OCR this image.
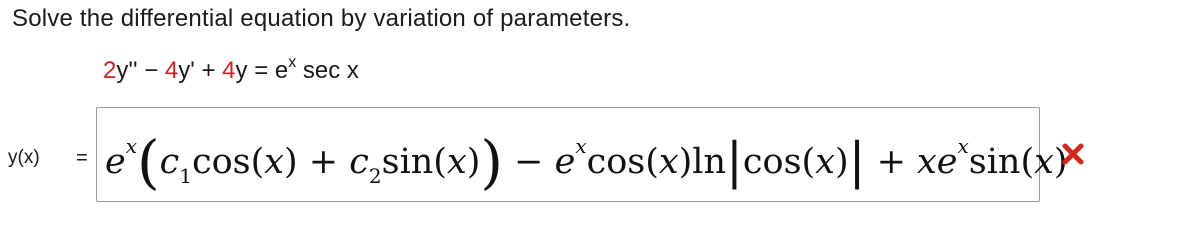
Solve the differential equation by variation of parameters.
$2y'' - 4y' + 4y = e^x$ sec x
$y(x) = e^x(c_1\cos(x) + c_2\sin(x)) - e^x\cos(x)\ln|\cos(x)| + xe^x\sin(x)$
